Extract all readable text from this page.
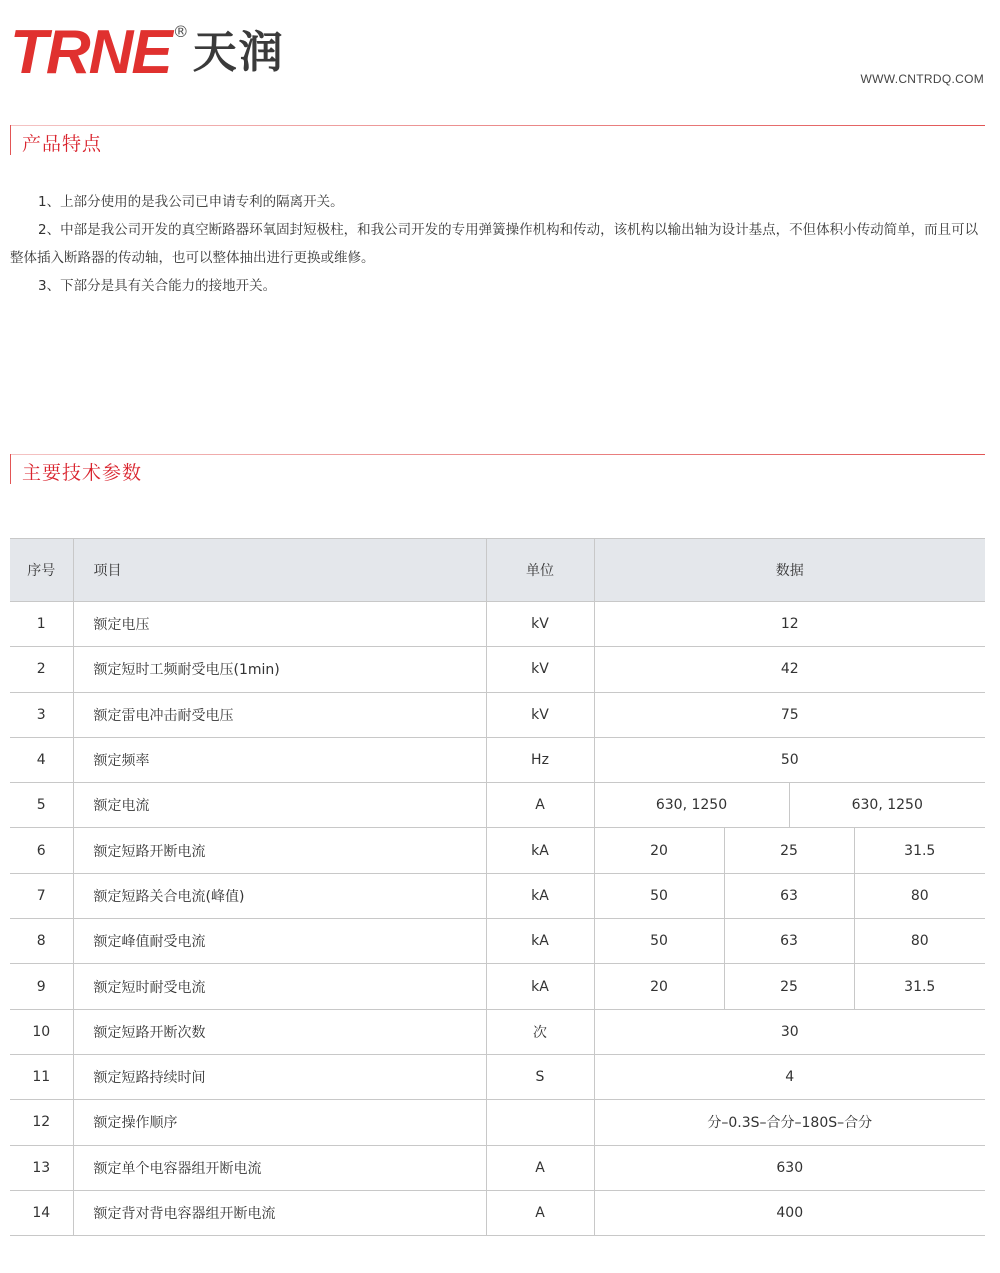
TRNE ® 天润
WWW.CNTRDQ.COM
产品特点

1、上部分使用的是我公司已申请专利的隔离开关。

2、中部是我公司开发的真空断路器环氧固封短极柱，和我公司开发的专用弹簧操作机构和传动，该机构以输出轴为设计基点，不但体积小传动简单，而且可以整体插入断路器的传动轴，也可以整体抽出进行更换或维修。

3、下部分是具有关合能力的接地开关。

主要技术参数
序号	项目	单位	数据			
1	额定电压	kV	12			
2	额定短时工频耐受电压(1min)	kV	42			
3	额定雷电冲击耐受电压	kV	75			
4	额定频率	Hz	50			
5	额定电流	A	630, 1250		630, 1250	
6	额定短路开断电流	kA	20	25		31.5
7	额定短路关合电流(峰值)	kA	50	63		80
8	额定峰值耐受电流	kA	50	63		80
9	额定短时耐受电流	kA	20	25		31.5
10	额定短路开断次数	次	30			
11	额定短路持续时间	S	4			
12	额定操作顺序		分–0.3S–合分–180S–合分			
13	额定单个电容器组开断电流	A	630			
14	额定背对背电容器组开断电流	A	400			
